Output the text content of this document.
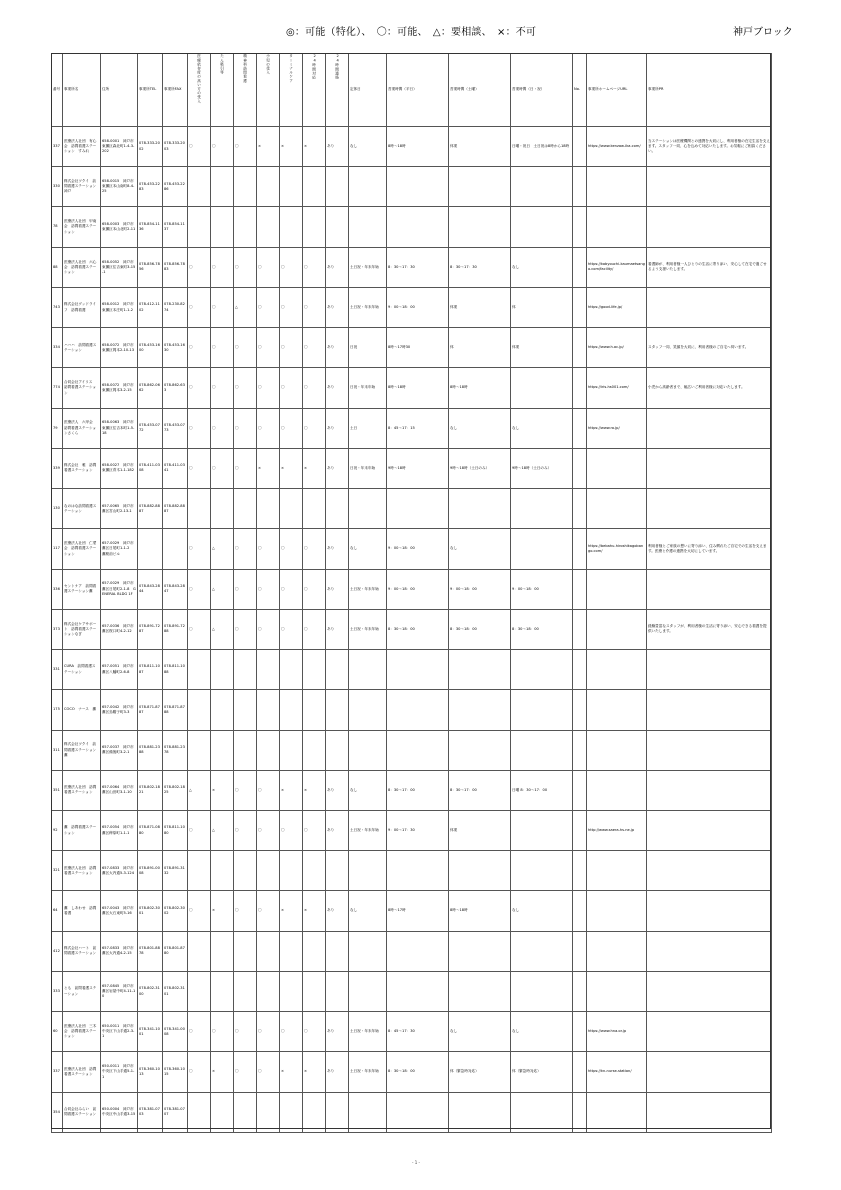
◎：可能（特化）、　〇：可能、　△：要相談、　×：不可	神戸ブロック
番号	事業所名	住所	事業所TEL	事業所FAX	医療依存度の高い方の受入	たん吸引等	精神科訪問看護	小児の受入	ターミナルケア	24時間対応	24時間連絡	定休日	営業時間（平日）	営業時間（土曜）	営業時間（日・祝）	No.	事業所ホームページURL	事業所PR
337	医療法人社団　有心会　訪問看護ステーション　すみれ	658-0001　神戸市東灘区森北町1-4-3-202	078-333-2002	078-333-2003	〇	〇	〇	×	×	×	あり	なし	8時～18時	休業	日曜・祝日　土日祝は8時から18時		https://www.kenzaw-ika.com/	当ステーションは医療機関との連携を大切にし、利用者様の在宅生活を支えます。スタッフ一同、心を込めて対応いたします。お気軽にご相談ください。
330	株式会社ツクイ　訪問看護ステーション神戸	658-0015　神戸市東灘区本山南町8-4-25	078-453-2283	078-453-2286														
78	医療法人社団　甲南会　訪問看護ステーション	658-0003　神戸市東灘区本山北町2-11	078-854-1136	078-854-1137														
88	医療法人社団　六心会　訪問看護ステーション	658-0052　神戸市東灘区住吉東町3-15-1	078-856-7856	078-856-7883	〇	〇	〇	〇	〇	〇	あり	土日祝・年末年始	8：30～17：30	8：30～17：30	なし		https://kobyouchi-kaumaetsango.com/facility/	看護師が、利用者様一人ひとりの生活に寄り添い、安心して在宅で過ごせるよう支援いたします。
743	株式会社グッドライフ　訪問看護	658-0012　神戸市東灘区本庄町1-1-2	078-412-1102	078-230-8274	〇	〇	△	〇	〇	〇	あり	土日祝・年末年始	9：00～18：00	休業	休		https://good-life.jp/	
334	ハハハ　訪問看護ステーション	658-0072　神戸市東灘区岡本2-10-13	078-453-1600	078-453-1630	〇	〇	〇	〇	〇	〇	あり	日祝	8時～17時30	休	休業		https://www.h.ac.jp/	スタッフ一同、笑顔を大切に、利用者様のご自宅へ伺います。
774	合同会社アイリス　訪問看護ステーション	658-0072　神戸市東灘区岡本3-2-15	078-862-0662	078-862-633	〇	〇	〇	〇	〇	〇	あり	日祝・年末年始	8時～18時	8時～18時			https://iris-hs001.com/	小児から高齢者まで、幅広いご利用者様に対応いたします。
79	医療法人　六甲会　訪問看護ステーションさくら	658-0063　神戸市東灘区住吉本町1-5-18	078-453-0772	078-453-0773	〇	〇	〇	〇	〇	〇	あり	土日	8：45～17：15	なし	なし		https://www.ro.jp/	
339	株式会社　雅　訪問看護ステーション	658-0027　神戸市東灘区青木1-1-182	078-411-0308	078-411-0341	〇	〇	〇	×	×	×	あり	日祝・年末年始	9時～18時	9時～18時（土日のみ）	9時～18時（土日のみ）			
130	なのはな訪問看護ステーション	657-0065　神戸市灘区宮山町2-13-1	078-882-8887	078-882-8887														
117	医療法人社団　仁愛会　訪問看護ステーション	657-0029　神戸市灘区日尾町1-1-2　灘駅前ビル			〇	△	〇	〇	〇	〇	あり	なし	9：00～18：00	なし			https://bebahu-hiroshikagobango.com/	利用者様とご家族の想いに寄り添い、住み慣れたご自宅での生活を支えます。医療と介護の連携を大切にしています。
336	セントケア　訪問看護ステーション灘	657-0029　神戸市灘区日尾町2-1-8　GENERAL BLDG 1F	078-843-2844	078-843-2847	〇	△	〇	〇	〇	〇	あり	土日祝・年末年始	9：00～18：00	9：00～18：00	9：00～18：00			
373	株式会社ケアサポート　訪問看護ステーションなぎ	657-0036　神戸市灘区桜口町4-2-12	078-891-7287	078-891-7288	〇	△	〇	〇	〇	〇	あり	土日祝・年末年始	8：30～18：00	8：30～18：00	8：30～18：00			経験豊富なスタッフが、利用者様の生活に寄り添い、安心できる看護を提供いたします。
331	CURA　訪問看護ステーション	657-0051　神戸市灘区八幡町2-6-8	078-811-1087	078-811-1088														
175	COCO　ナース　灘	657-0042　神戸市灘区烏帽子町3-3	078-871-8787	078-871-8788														
311	株式会社ツクイ　訪問看護ステーション灘	657-0037　神戸市灘区備後町3-2-1	078-881-2388	078-881-2378														
351	医療法人社団　訪問看護ステーション	657-0064　神戸市灘区山田町3-1-10	078-802-1821	078-802-1825	△	×	〇	〇	×	×	あり	なし	8：30～17：00	8：30～17：00	日曜 8：30～17：00			
92	灘　訪問看護ステーション	657-0054　神戸市灘区稗原町1-1-1	078-871-0880	078-811-1080	〇	△	〇	〇	〇	〇	あり	土日祝・年末年始	9：00～17：30	休業			http://www.saera-hs.ne.jp	
321	医療法人社団　訪問看護ステーション	657-0833　神戸市灘区大内通5-3-124	078-891-0008	078-891-3132														
64	灘　しあわせ　訪問看護	657-0043　神戸市灘区大石東町5-16	078-802-3001	078-802-3002	〇	×	〇	〇	×	×	あり	なし	8時～17時	8時～18時	なし			
412	株式会社ハート　訪問看護ステーション	657-0833　神戸市灘区大内通4-2-15	078-801-8878	078-801-8780														
333	とも　訪問看護ステーション	657-0845　神戸市灘区岩屋中町4-11-10	078-802-3100	078-802-3101														
60	医療法人社団　三木会　訪問看護ステーション	650-0011　神戸市中央区下山手通2-3-1	078-341-1001	078-341-0008	〇	〇	〇	〇	〇	〇	あり	土日祝・年末年始	8：45～17：30	なし	なし		https://www.hna.or.jp	
337	医療法人社団　訪問看護ステーション	650-0011　神戸市中央区下山手通5-1-1	078-360-1013	078-360-1015	〇	×	〇	〇	×	×	あり	土日祝・年末年始	8：30～18：00	休（緊急時対応）	休（緊急時対応）		https://kn-nurse-station/	
354	合同会社みらい　訪問看護ステーション	650-0004　神戸市中央区中山手通3-15	078-381-0703	078-381-0707														
- 1 -
